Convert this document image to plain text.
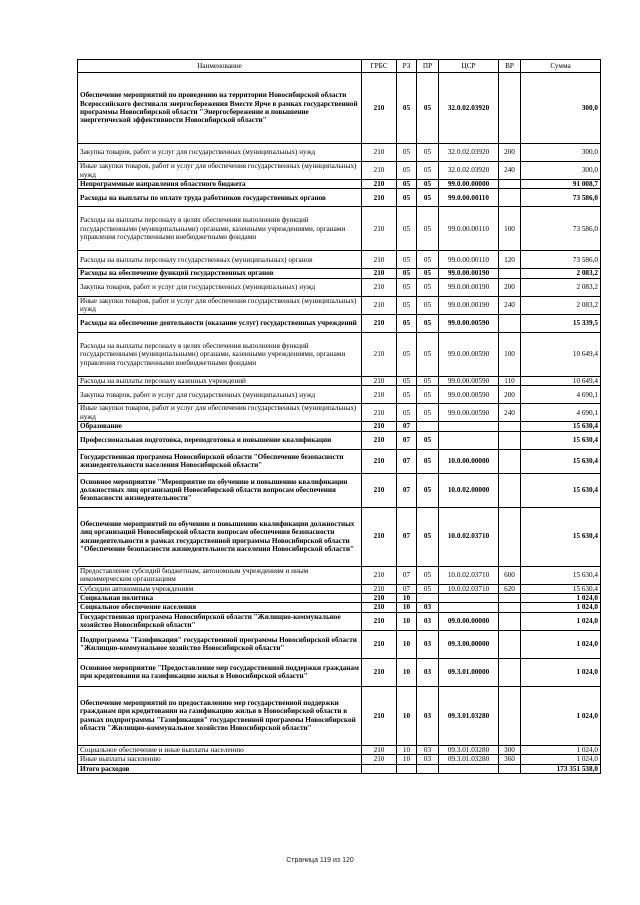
Наименование	ГРБС	РЗ	ПР	ЦСР	ВР	Сумма
Обеспечение мероприятий по проведению на территории Новосибирской области Всероссийского фестиваля энергосбережения Вместе Ярче в рамках государственной программы Новосибирской области "Энергосбережение и повышение энергетической эффективности Новосибирской области"	210	05	05	32.0.02.03920		300,0
Закупка товаров, работ и услуг для государственных (муниципальных) нужд	210	05	05	32.0.02.03920	200	300,0
Иные закупки товаров, работ и услуг для обеспечения государственных (муниципальных) нужд	210	05	05	32.0.02.03920	240	300,0
Непрограммные направления областного бюджета	210	05	05	99.0.00.00000		91 008,7
Расходы на выплаты по оплате труда работников государственных органов	210	05	05	99.0.00.00110		73 586,0
Расходы на выплаты персоналу в целях обеспечения выполнения функций государственными (муниципальными) органами, казенными учреждениями, органами управления государственными внебюджетными фондами	210	05	05	99.0.00.00110	100	73 586,0
Расходы на выплаты персоналу государственных (муниципальных) органов	210	05	05	99.0.00.00110	120	73 586,0
Расходы на обеспечение функций государственных органов	210	05	05	99.0.00.00190		2 083,2
Закупка товаров, работ и услуг для государственных (муниципальных) нужд	210	05	05	99.0.00.00190	200	2 083,2
Иные закупки товаров, работ и услуг для обеспечения государственных (муниципальных) нужд	210	05	05	99.0.00.00190	240	2 083,2
Расходы на обеспечение деятельности (оказание услуг) государственных учреждений	210	05	05	99.0.00.00590		15 339,5
Расходы на выплаты персоналу в целях обеспечения выполнения функций государственными (муниципальными) органами, казенными учреждениями, органами управления государственными внебюджетными фондами	210	05	05	99.0.00.00590	100	10 649,4
Расходы на выплаты персоналу казенных учреждений	210	05	05	99.0.00.00590	110	10 649,4
Закупка товаров, работ и услуг для государственных (муниципальных) нужд	210	05	05	99.0.00.00590	200	4 690,1
Иные закупки товаров, работ и услуг для обеспечения государственных (муниципальных) нужд	210	05	05	99.0.00.00590	240	4 690,1
Образование	210	07				15 630,4
Профессиональная подготовка, переподготовка и повышение квалификации	210	07	05			15 630,4
Государственная программа Новосибирской области "Обеспечение безопасности жизнедеятельности населения Новосибирской области"	210	07	05	10.0.00.00000		15 630,4
Основное мероприятие "Мероприятие по обучению и повышению квалификации должностных лиц организаций Новосибирской области вопросам обеспечения безопасности жизнедеятельности"	210	07	05	10.0.02.00000		15 630,4
Обеспечение мероприятий по обучению и повышению квалификации должностных лиц организаций Новосибирской области вопросам обеспечения безопасности жизнедеятельности в рамках государственной программы Новосибирской области "Обеспечение безопасности жизнедеятельности населения Новосибирской области"	210	07	05	10.0.02.03710		15 630,4
Предоставление субсидий бюджетным, автономным учреждениям и иным некоммерческим организациям	210	07	05	10.0.02.03710	600	15 630,4
Субсидии автономным учреждениям	210	07	05	10.0.02.03710	620	15 630,4
Социальная политика	210	10				1 024,0
Социальное обеспечение населения	210	10	03			1 024,0
Государственная программа Новосибирской области "Жилищно-коммунальное хозяйство Новосибирской области"	210	10	03	09.0.00.00000		1 024,0
Подпрограмма "Газификация" государственной программы Новосибирской области "Жилищно-коммунальное хозяйство Новосибирской области"	210	10	03	09.3.00.00000		1 024,0
Основное мероприятие "Предоставление мер государственной поддержки гражданам при кредитовании на газификацию жилья в Новосибирской области"	210	10	03	09.3.01.00000		1 024,0
Обеспечение мероприятий по предоставлению мер государственной поддержки гражданам при кредитовании на газификацию жилья в Новосибирской области в рамках подпрограммы "Газификация" государственной программы Новосибирской области "Жилищно-коммунальное хозяйство Новосибирской области"	210	10	03	09.3.01.03280		1 024,0
Социальное обеспечение и иные выплаты населению	210	10	03	09.3.01.03280	300	1 024,0
Иные выплаты населению	210	10	03	09.3.01.03280	360	1 024,0
Итого расходов						173 351 538,0
Страница 119 из 120
